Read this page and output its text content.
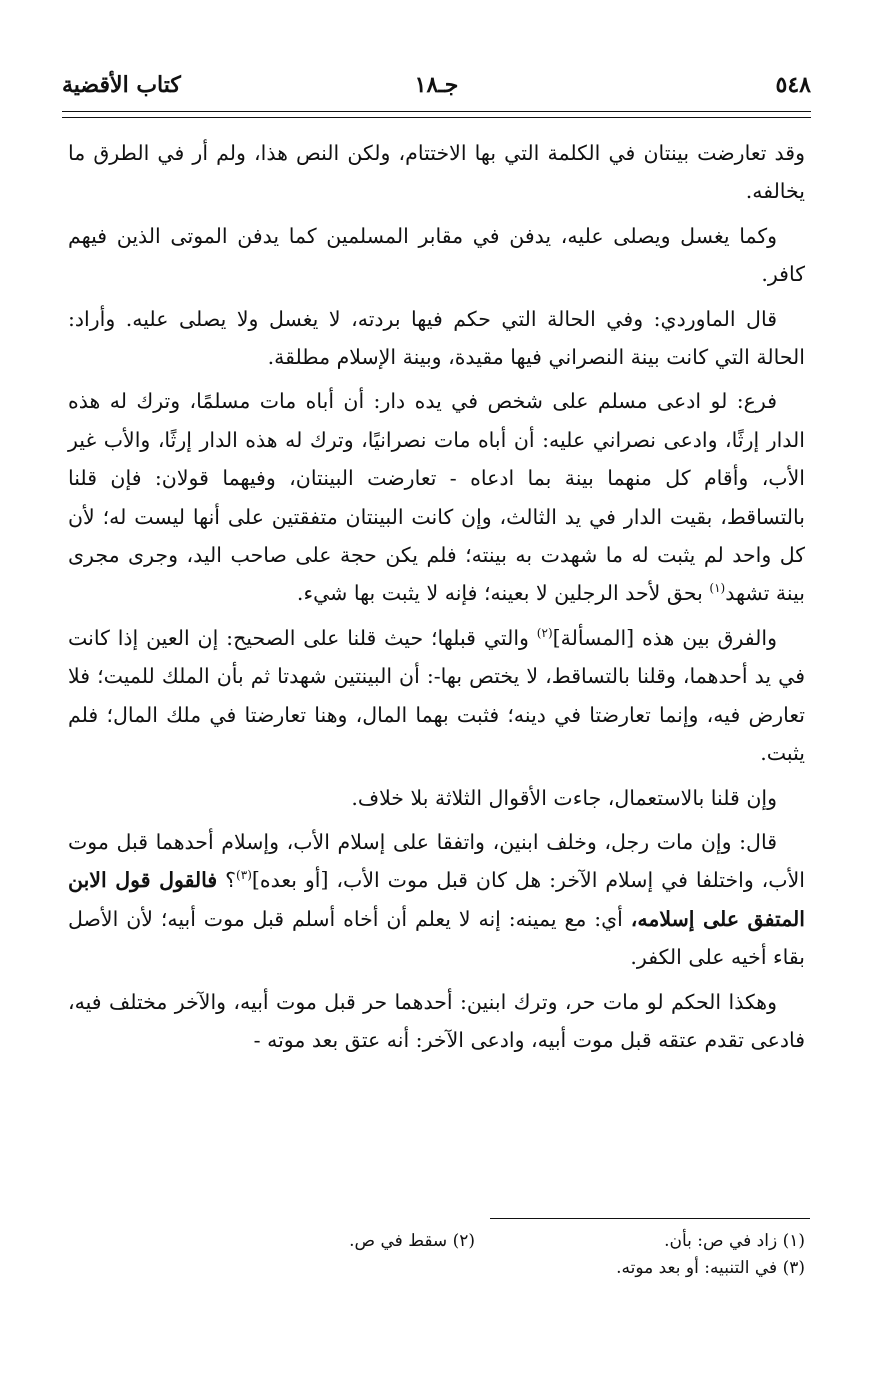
كتاب الأقضية	جـ١٨	٥٤٨

وقد تعارضت بينتان في الكلمة التي بها الاختتام، ولكن النص هذا، ولم أر في الطرق ما يخالفه.

وكما يغسل ويصلى عليه، يدفن في مقابر المسلمين كما يدفن الموتى الذين فيهم كافر.

قال الماوردي: وفي الحالة التي حكم فيها بردته، لا يغسل ولا يصلى عليه. وأراد: الحالة التي كانت بينة النصراني فيها مقيدة، وبينة الإسلام مطلقة.

فرع: لو ادعى مسلم على شخص في يده دار: أن أباه مات مسلمًا، وترك له هذه الدار إرثًا، وادعى نصراني عليه: أن أباه مات نصرانيًا، وترك له هذه الدار إرثًا، والأب غير الأب، وأقام كل منهما بينة بما ادعاه - تعارضت البينتان، وفيهما قولان: فإن قلنا بالتساقط، بقيت الدار في يد الثالث، وإن كانت البينتان متفقتين على أنها ليست له؛ لأن كل واحد لم يثبت له ما شهدت به بينته؛ فلم يكن حجة على صاحب اليد، وجرى مجرى بينة تشهد$^{(١)}$ بحق لأحد الرجلين لا بعينه؛ فإنه لا يثبت بها شيء.

والفرق بين هذه [المسألة]$^{(٢)}$ والتي قبلها؛ حيث قلنا على الصحيح: إن العين إذا كانت في يد أحدهما، وقلنا بالتساقط، لا يختص بها-: أن البينتين شهدتا ثم بأن الملك للميت؛ فلا تعارض فيه، وإنما تعارضتا في دينه؛ فثبت بهما المال، وهنا تعارضتا في ملك المال؛ فلم يثبت.

وإن قلنا بالاستعمال، جاءت الأقوال الثلاثة بلا خلاف.

قال: وإن مات رجل، وخلف ابنين، واتفقا على إسلام الأب، وإسلام أحدهما قبل موت الأب، واختلفا في إسلام الآخر: هل كان قبل موت الأب، [أو بعده]$^{(٣)}$؟ فالقول قول الابن المتفق على إسلامه، أي: مع يمينه: إنه لا يعلم أن أخاه أسلم قبل موت أبيه؛ لأن الأصل بقاء أخيه على الكفر.

وهكذا الحكم لو مات حر، وترك ابنين: أحدهما حر قبل موت أبيه، والآخر مختلف فيه، فادعى تقدم عتقه قبل موت أبيه، وادعى الآخر: أنه عتق بعد موته -

(١) زاد في ص: بأن.
(٢) سقط في ص.
(٣) في التنبيه: أو بعد موته.
